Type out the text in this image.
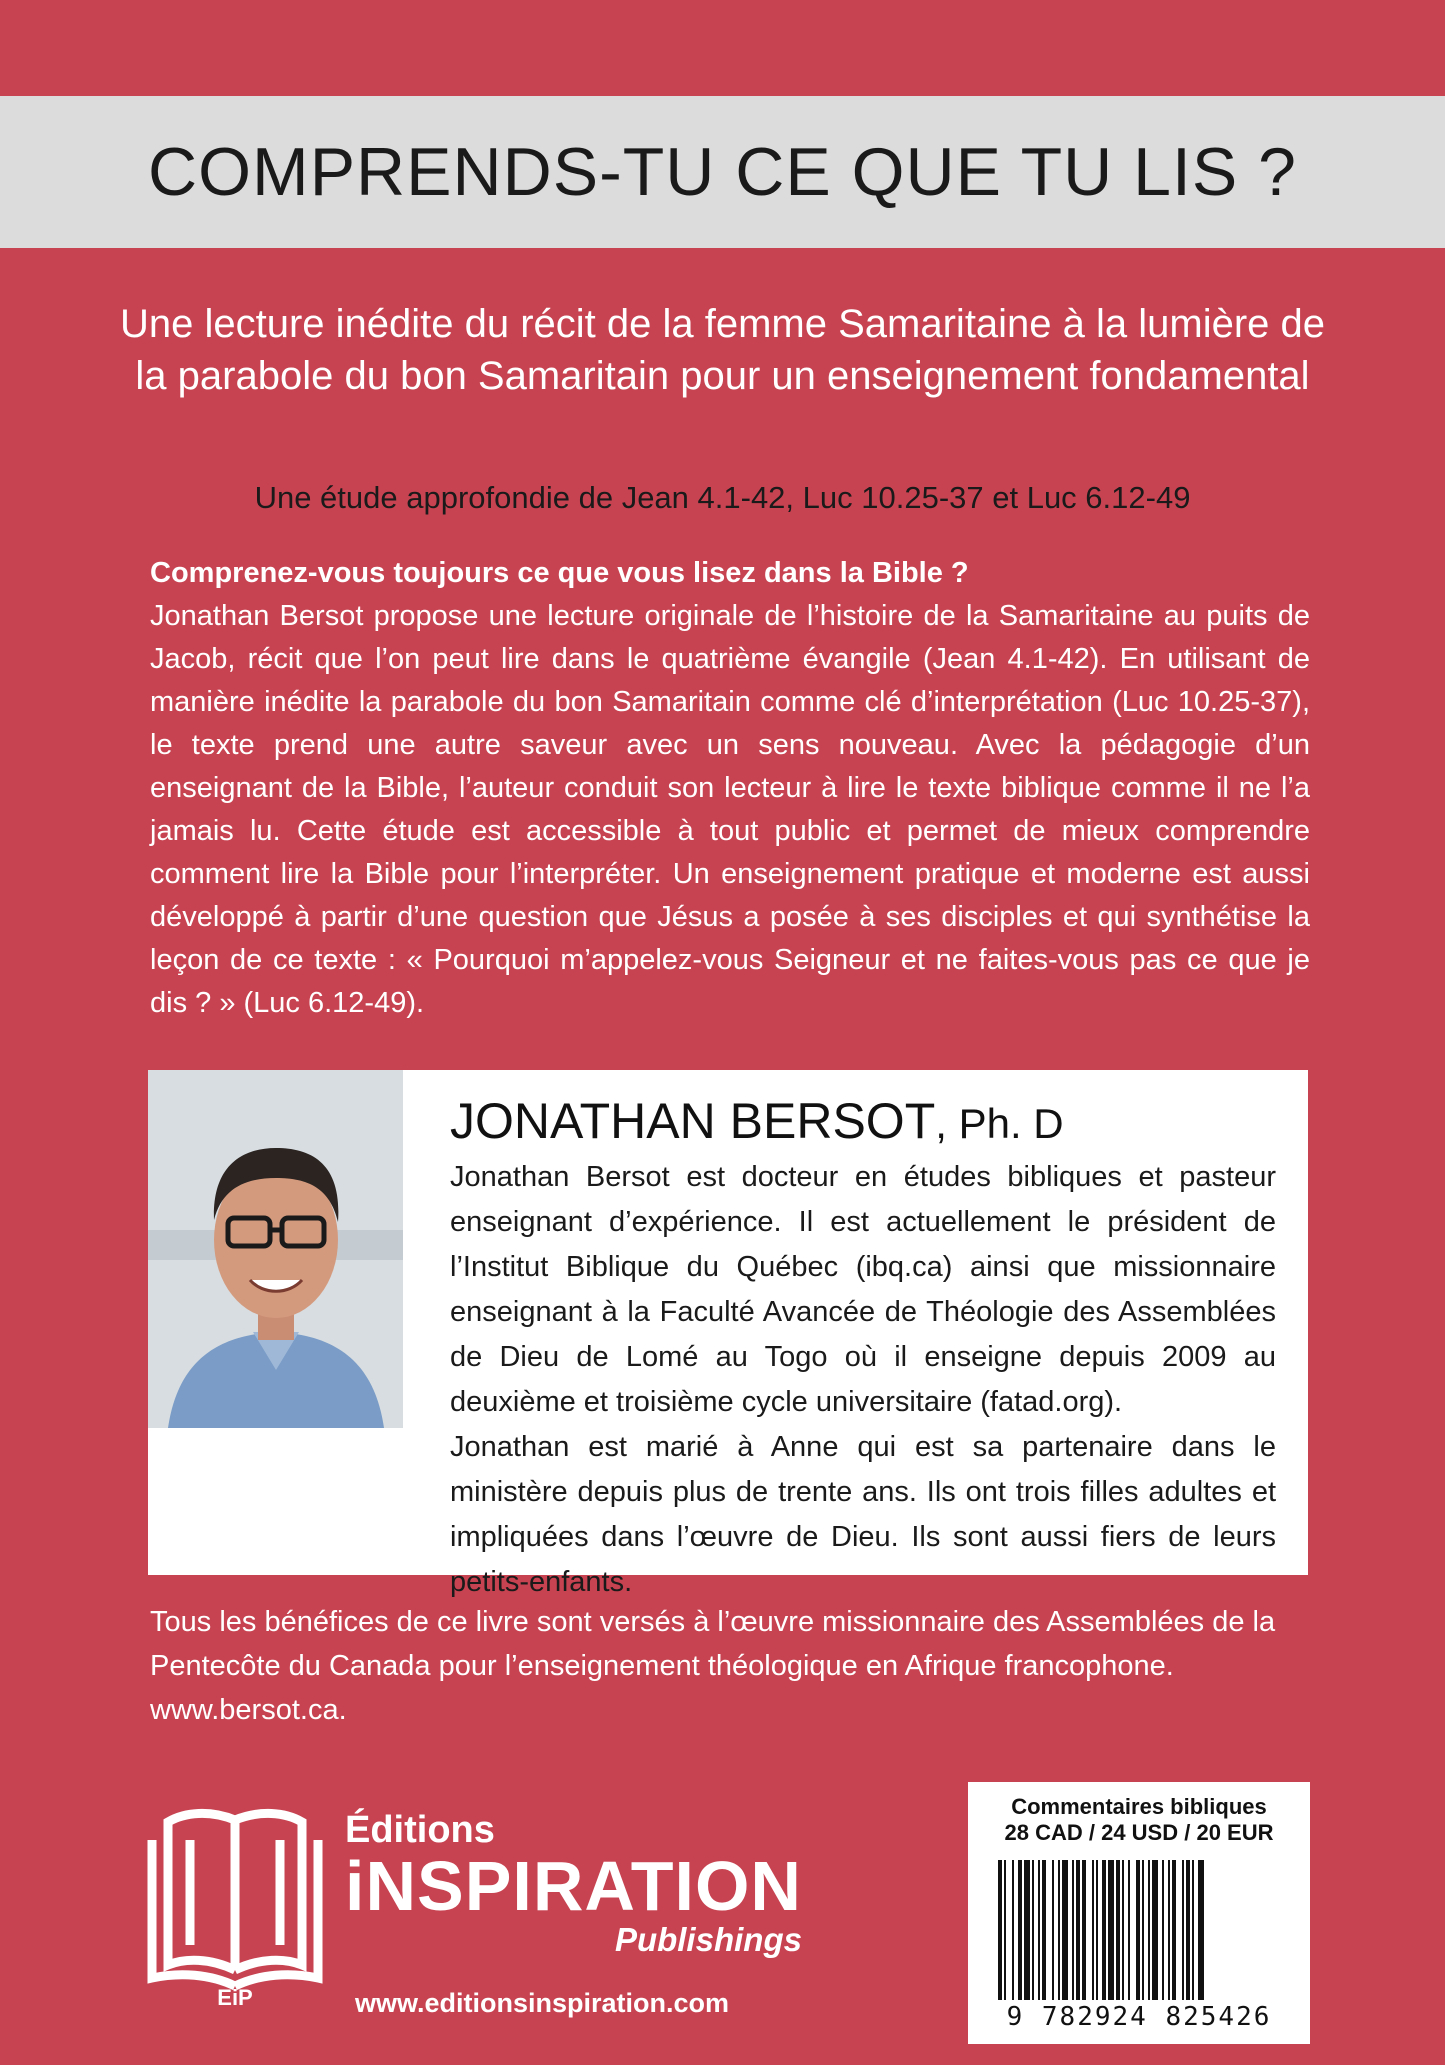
COMPRENDS-TU CE QUE TU LIS ?
Une lecture inédite du récit de la femme Samaritaine à la lumière de la parabole du bon Samaritain pour un enseignement fondamental
Une étude approfondie de Jean 4.1-42, Luc 10.25-37 et Luc 6.12-49
Comprenez-vous toujours ce que vous lisez dans la Bible ?
Jonathan Bersot propose une lecture originale de l’histoire de la Samaritaine au puits de Jacob, récit que l’on peut lire dans le quatrième évangile (Jean 4.1-42). En utilisant de manière inédite la parabole du bon Samaritain comme clé d’interprétation (Luc 10.25-37), le texte prend une autre saveur avec un sens nouveau. Avec la pédagogie d’un enseignant de la Bible, l’auteur conduit son lecteur à lire le texte biblique comme il ne l’a jamais lu. Cette étude est accessible à tout public et permet de mieux comprendre comment lire la Bible pour l’interpréter. Un enseignement pratique et moderne est aussi développé à partir d’une question que Jésus a posée à ses disciples et qui synthétise la leçon de ce texte : « Pourquoi m’appelez-vous Seigneur et ne faites-vous pas ce que je dis ? » (Luc 6.12-49).
JONATHAN BERSOT, Ph. D
Jonathan Bersot est docteur en études bibliques et pasteur enseignant d’expérience. Il est actuellement le président de l’Institut Biblique du Québec (ibq.ca) ainsi que missionnaire enseignant à la Faculté Avancée de Théologie des Assemblées de Dieu de Lomé au Togo où il enseigne depuis 2009 au deuxième et troisième cycle universitaire (fatad.org).
Jonathan est marié à Anne qui est sa partenaire dans le ministère depuis plus de trente ans. Ils ont trois filles adultes et impliquées dans l’œuvre de Dieu. Ils sont aussi fiers de leurs petits-enfants.
Tous les bénéfices de ce livre sont versés à l’œuvre missionnaire des Assemblées de la Pentecôte du Canada pour l’enseignement théologique en Afrique francophone.
www.bersot.ca.
EiP
Éditions
iNSPIRATION
Publishings
www.editionsinspiration.com
Commentaires bibliques
28 CAD / 24 USD / 20 EUR
9 782924 825426
